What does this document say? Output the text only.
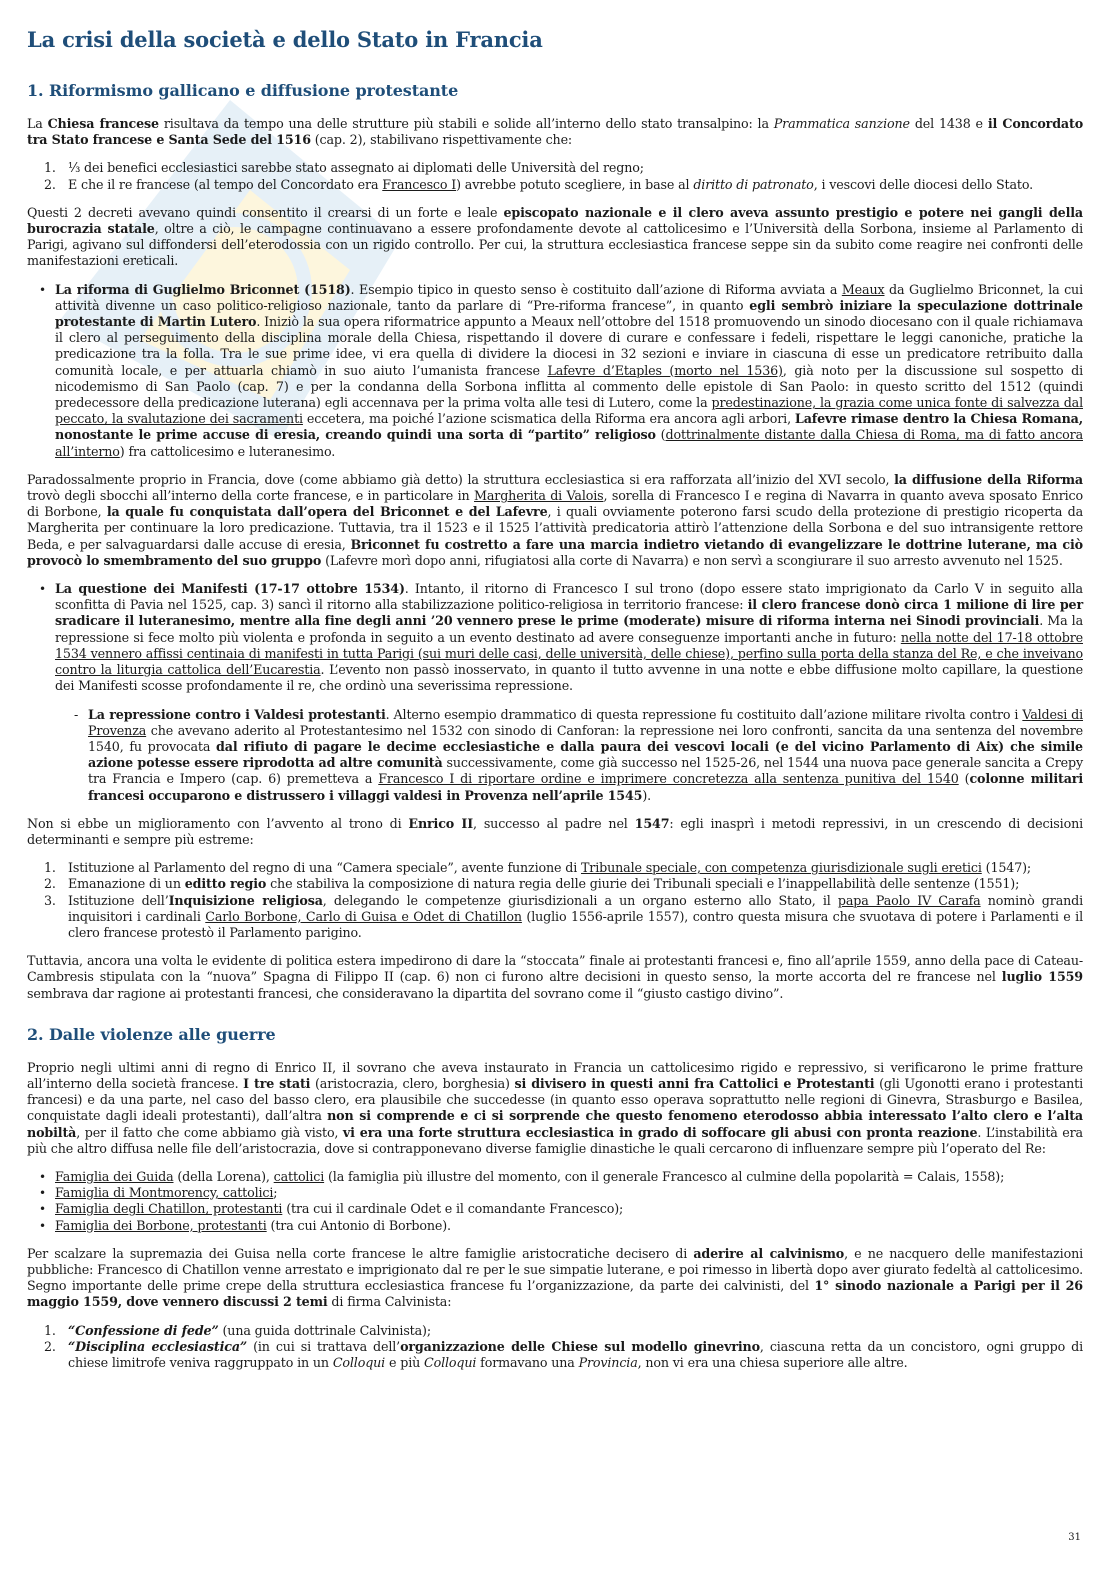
La crisi della società e dello Stato in Francia
1. Riformismo gallicano e diffusione protestante

La Chiesa francese risultava da tempo una delle strutture più stabili e solide all’interno dello stato transalpino: la Prammatica sanzione del 1438 e il Concordato tra Stato francese e Santa Sede del 1516 (cap. 2), stabilivano rispettivamente che:

1. ⅓ dei benefici ecclesiastici sarebbe stato assegnato ai diplomati delle Università del regno;
2. E che il re francese (al tempo del Concordato era Francesco I) avrebbe potuto scegliere, in base al diritto di patronato, i vescovi delle diocesi dello Stato.

Questi 2 decreti avevano quindi consentito il crearsi di un forte e leale episcopato nazionale e il clero aveva assunto prestigio e potere nei gangli della burocrazia statale, oltre a ciò, le campagne continuavano a essere profondamente devote al cattolicesimo e l’Università della Sorbona, insieme al Parlamento di Parigi, agivano sul diffondersi dell’eterodossia con un rigido controllo. Per cui, la struttura ecclesiastica francese seppe sin da subito come reagire nei confronti delle manifestazioni ereticali.

• La riforma di Guglielmo Briconnet (1518). Esempio tipico in questo senso è costituito dall’azione di Riforma avviata a Meaux da Guglielmo Briconnet, la cui attività divenne un caso politico-religioso nazionale, tanto da parlare di “Pre-riforma francese”, in quanto egli sembrò iniziare la speculazione dottrinale protestante di Martin Lutero. Iniziò la sua opera riformatrice appunto a Meaux nell’ottobre del 1518 promuovendo un sinodo diocesano con il quale richiamava il clero al perseguimento della disciplina morale della Chiesa, rispettando il dovere di curare e confessare i fedeli, rispettare le leggi canoniche, pratiche la predicazione tra la folla. Tra le sue prime idee, vi era quella di dividere la diocesi in 32 sezioni e inviare in ciascuna di esse un predicatore retribuito dalla comunità locale, e per attuarla chiamò in suo aiuto l’umanista francese Lafevre d’Etaples (morto nel 1536), già noto per la discussione sul sospetto di nicodemismo di San Paolo (cap. 7) e per la condanna della Sorbona inflitta al commento delle epistole di San Paolo: in questo scritto del 1512 (quindi predecessore della predicazione luterana) egli accennava per la prima volta alle tesi di Lutero, come la predestinazione, la grazia come unica fonte di salvezza dal peccato, la svalutazione dei sacramenti eccetera, ma poiché l’azione scismatica della Riforma era ancora agli arbori, Lafevre rimase dentro la Chiesa Romana, nonostante le prime accuse di eresia, creando quindi una sorta di “partito” religioso (dottrinalmente distante dalla Chiesa di Roma, ma di fatto ancora all’interno) fra cattolicesimo e luteranesimo.

Paradossalmente proprio in Francia, dove (come abbiamo già detto) la struttura ecclesiastica si era rafforzata all’inizio del XVI secolo, la diffusione della Riforma trovò degli sbocchi all’interno della corte francese, e in particolare in Margherita di Valois, sorella di Francesco I e regina di Navarra in quanto aveva sposato Enrico di Borbone, la quale fu conquistata dall’opera del Briconnet e del Lafevre, i quali ovviamente poterono farsi scudo della protezione di prestigio ricoperta da Margherita per continuare la loro predicazione. Tuttavia, tra il 1523 e il 1525 l’attività predicatoria attirò l’attenzione della Sorbona e del suo intransigente rettore Beda, e per salvaguardarsi dalle accuse di eresia, Briconnet fu costretto a fare una marcia indietro vietando di evangelizzare le dottrine luterane, ma ciò provocò lo smembramento del suo gruppo (Lafevre morì dopo anni, rifugiatosi alla corte di Navarra) e non servì a scongiurare il suo arresto avvenuto nel 1525.

• La questione dei Manifesti (17-17 ottobre 1534). Intanto, il ritorno di Francesco I sul trono (dopo essere stato imprigionato da Carlo V in seguito alla sconfitta di Pavia nel 1525, cap. 3) sancì il ritorno alla stabilizzazione politico-religiosa in territorio francese: il clero francese donò circa 1 milione di lire per sradicare il luteranesimo, mentre alla fine degli anni ’20 vennero prese le prime (moderate) misure di riforma interna nei Sinodi provinciali. Ma la repressione si fece molto più violenta e profonda in seguito a un evento destinato ad avere conseguenze importanti anche in futuro: nella notte del 17-18 ottobre 1534 vennero affissi centinaia di manifesti in tutta Parigi (sui muri delle casi, delle università, delle chiese), perfino sulla porta della stanza del Re, e che inveivano contro la liturgia cattolica dell’Eucarestia. L’evento non passò inosservato, in quanto il tutto avvenne in una notte e ebbe diffusione molto capillare, la questione dei Manifesti scosse profondamente il re, che ordinò una severissima repressione.
- La repressione contro i Valdesi protestanti. Alterno esempio drammatico di questa repressione fu costituito dall’azione militare rivolta contro i Valdesi di Provenza che avevano aderito al Protestantesimo nel 1532 con sinodo di Canforan: la repressione nei loro confronti, sancita da una sentenza del novembre 1540, fu provocata dal rifiuto di pagare le decime ecclesiastiche e dalla paura dei vescovi locali (e del vicino Parlamento di Aix) che simile azione potesse essere riprodotta ad altre comunità successivamente, come già successo nel 1525-26, nel 1544 una nuova pace generale sancita a Crepy tra Francia e Impero (cap. 6) premetteva a Francesco I di riportare ordine e imprimere concretezza alla sentenza punitiva del 1540 (colonne militari francesi occuparono e distrussero i villaggi valdesi in Provenza nell’aprile 1545).

Non si ebbe un miglioramento con l’avvento al trono di Enrico II, successo al padre nel 1547: egli inasprì i metodi repressivi, in un crescendo di decisioni determinanti e sempre più estreme:

1. Istituzione al Parlamento del regno di una “Camera speciale”, avente funzione di Tribunale speciale, con competenza giurisdizionale sugli eretici (1547);
2. Emanazione di un editto regio che stabiliva la composizione di natura regia delle giurie dei Tribunali speciali e l’inappellabilità delle sentenze (1551);
3. Istituzione dell’Inquisizione religiosa, delegando le competenze giurisdizionali a un organo esterno allo Stato, il papa Paolo IV Carafa nominò grandi inquisitori i cardinali Carlo Borbone, Carlo di Guisa e Odet di Chatillon (luglio 1556-aprile 1557), contro questa misura che svuotava di potere i Parlamenti e il clero francese protestò il Parlamento parigino.

Tuttavia, ancora una volta le evidente di politica estera impedirono di dare la “stoccata” finale ai protestanti francesi e, fino all’aprile 1559, anno della pace di Cateau-Cambresis stipulata con la “nuova” Spagna di Filippo II (cap. 6) non ci furono altre decisioni in questo senso, la morte accorta del re francese nel luglio 1559 sembrava dar ragione ai protestanti francesi, che consideravano la dipartita del sovrano come il “giusto castigo divino”.

2. Dalle violenze alle guerre

Proprio negli ultimi anni di regno di Enrico II, il sovrano che aveva instaurato in Francia un cattolicesimo rigido e repressivo, si verificarono le prime fratture all’interno della società francese. I tre stati (aristocrazia, clero, borghesia) si divisero in questi anni fra Cattolici e Protestanti (gli Ugonotti erano i protestanti francesi) e da una parte, nel caso del basso clero, era plausibile che succedesse (in quanto esso operava soprattutto nelle regioni di Ginevra, Strasburgo e Basilea, conquistate dagli ideali protestanti), dall’altra non si comprende e ci si sorprende che questo fenomeno eterodosso abbia interessato l’alto clero e l’alta nobiltà, per il fatto che come abbiamo già visto, vi era una forte struttura ecclesiastica in grado di soffocare gli abusi con pronta reazione. L’instabilità era più che altro diffusa nelle file dell’aristocrazia, dove si contrapponevano diverse famiglie dinastiche le quali cercarono di influenzare sempre più l’operato del Re:

• Famiglia dei Guida (della Lorena), cattolici (la famiglia più illustre del momento, con il generale Francesco al culmine della popolarità = Calais, 1558);
• Famiglia di Montmorency, cattolici;
• Famiglia degli Chatillon, protestanti (tra cui il cardinale Odet e il comandante Francesco);
• Famiglia dei Borbone, protestanti (tra cui Antonio di Borbone).

Per scalzare la supremazia dei Guisa nella corte francese le altre famiglie aristocratiche decisero di aderire al calvinismo, e ne nacquero delle manifestazioni pubbliche: Francesco di Chatillon venne arrestato e imprigionato dal re per le sue simpatie luterane, e poi rimesso in libertà dopo aver giurato fedeltà al cattolicesimo. Segno importante delle prime crepe della struttura ecclesiastica francese fu l’organizzazione, da parte dei calvinisti, del 1° sinodo nazionale a Parigi per il 26 maggio 1559, dove vennero discussi 2 temi di firma Calvinista:

1. “Confessione di fede” (una guida dottrinale Calvinista);
2. “Disciplina ecclesiastica” (in cui si trattava dell’organizzazione delle Chiese sul modello ginevrino, ciascuna retta da un concistoro, ogni gruppo di chiese limitrofe veniva raggruppato in un Colloqui e più Colloqui formavano una Provincia, non vi era una chiesa superiore alle altre.
31
